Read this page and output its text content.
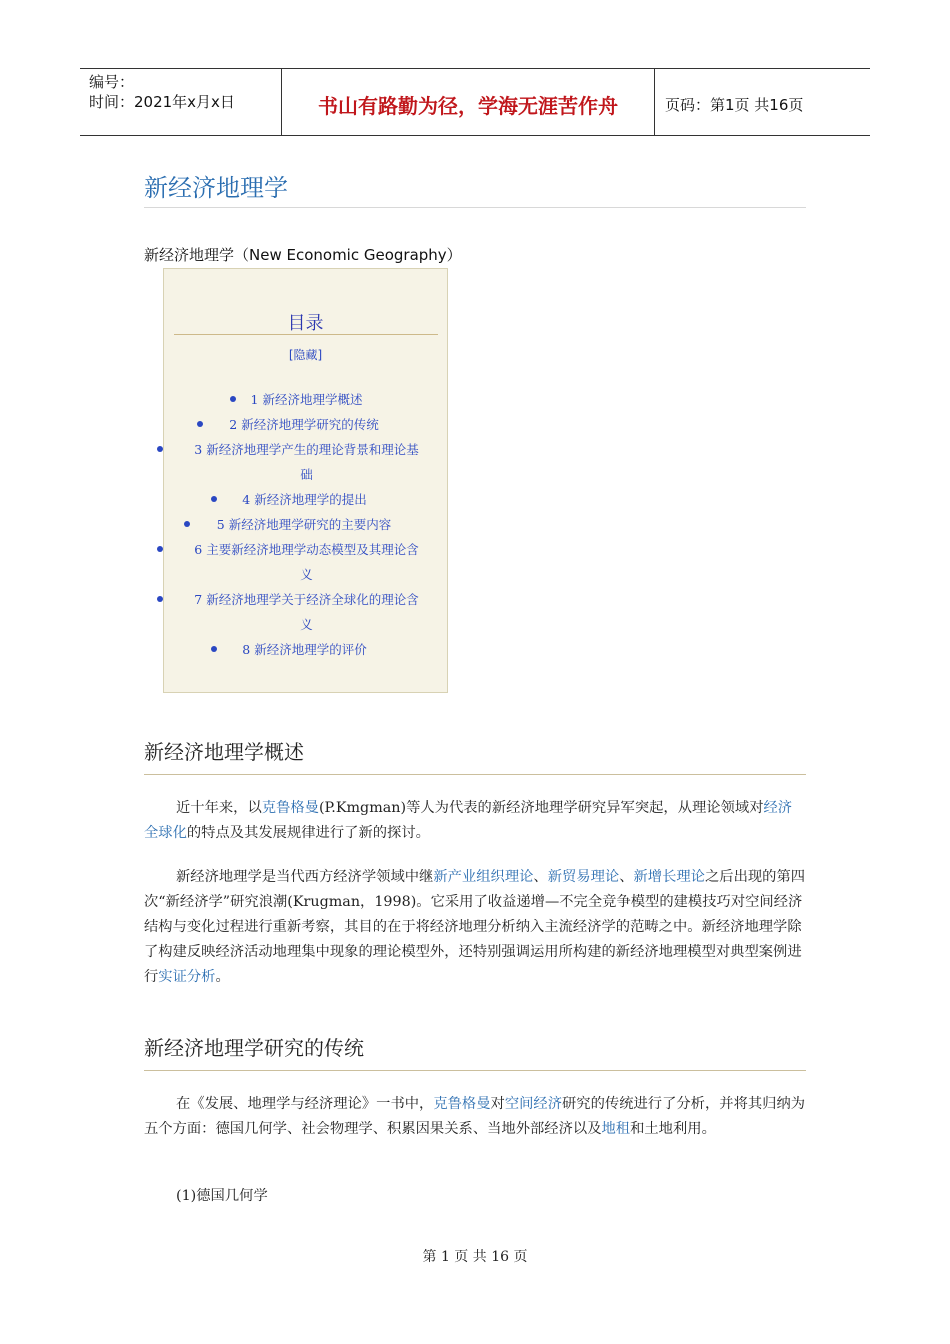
编号：
时间：2021年x月x日	书山有路勤为径，学海无涯苦作舟	页码：第1页 共16页
新经济地理学
新经济地理学（New Economic Geography）
目录
[隐藏]
1 新经济地理学概述
2 新经济地理学研究的传统
3 新经济地理学产生的理论背景和理论基
础
4 新经济地理学的提出
5 新经济地理学研究的主要内容
6 主要新经济地理学动态模型及其理论含
义
7 新经济地理学关于经济全球化的理论含
义
8 新经济地理学的评价
新经济地理学概述
近十年来，以克鲁格曼(P.Kmgman)等人为代表的新经济地理学研究异军突起，从理论领域对经济全球化的特点及其发展规律进行了新的探讨。
新经济地理学是当代西方经济学领域中继新产业组织理论、新贸易理论、新增长理论之后出现的第四次“新经济学”研究浪潮(Krugman，1998)。它采用了收益递增—不完全竞争模型的建模技巧对空间经济结构与变化过程进行重新考察，其目的在于将经济地理分析纳入主流经济学的范畴之中。新经济地理学除了构建反映经济活动地理集中现象的理论模型外，还特别强调运用所构建的新经济地理模型对典型案例进行实证分析。
新经济地理学研究的传统
在《发展、地理学与经济理论》一书中，克鲁格曼对空间经济研究的传统进行了分析，并将其归纳为五个方面：德国几何学、社会物理学、积累因果关系、当地外部经济以及地租和土地利用。
(1)德国几何学
第 1 页 共 16 页
